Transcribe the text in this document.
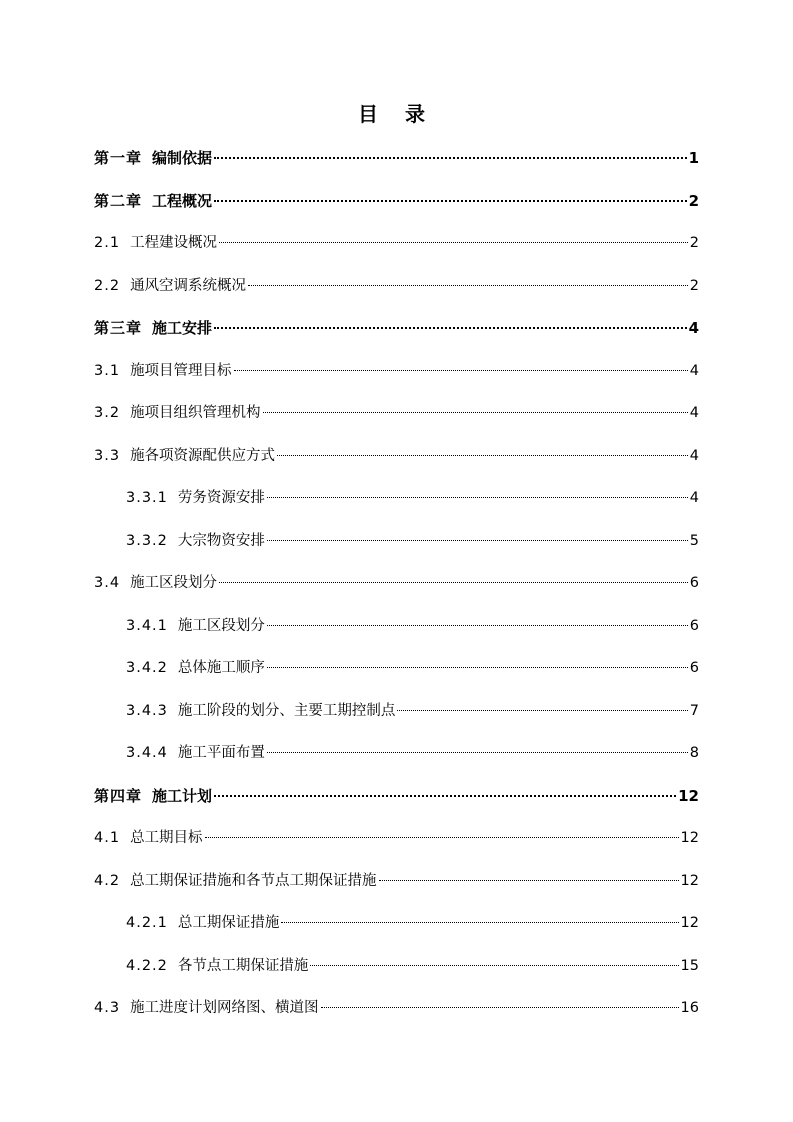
目 录
第一章 编制依据	1
第二章 工程概况	2
2.1 工程建设概况	2
2.2 通风空调系统概况	2
第三章 施工安排	4
3.1 施项目管理目标	4
3.2 施项目组织管理机构	4
3.3 施各项资源配供应方式	4
3.3.1 劳务资源安排	4
3.3.2 大宗物资安排	5
3.4 施工区段划分	6
3.4.1 施工区段划分	6
3.4.2 总体施工顺序	6
3.4.3 施工阶段的划分、主要工期控制点	7
3.4.4 施工平面布置	8
第四章 施工计划	12
4.1 总工期目标	12
4.2 总工期保证措施和各节点工期保证措施	12
4.2.1 总工期保证措施	12
4.2.2 各节点工期保证措施	15
4.3 施工进度计划网络图、横道图	16
